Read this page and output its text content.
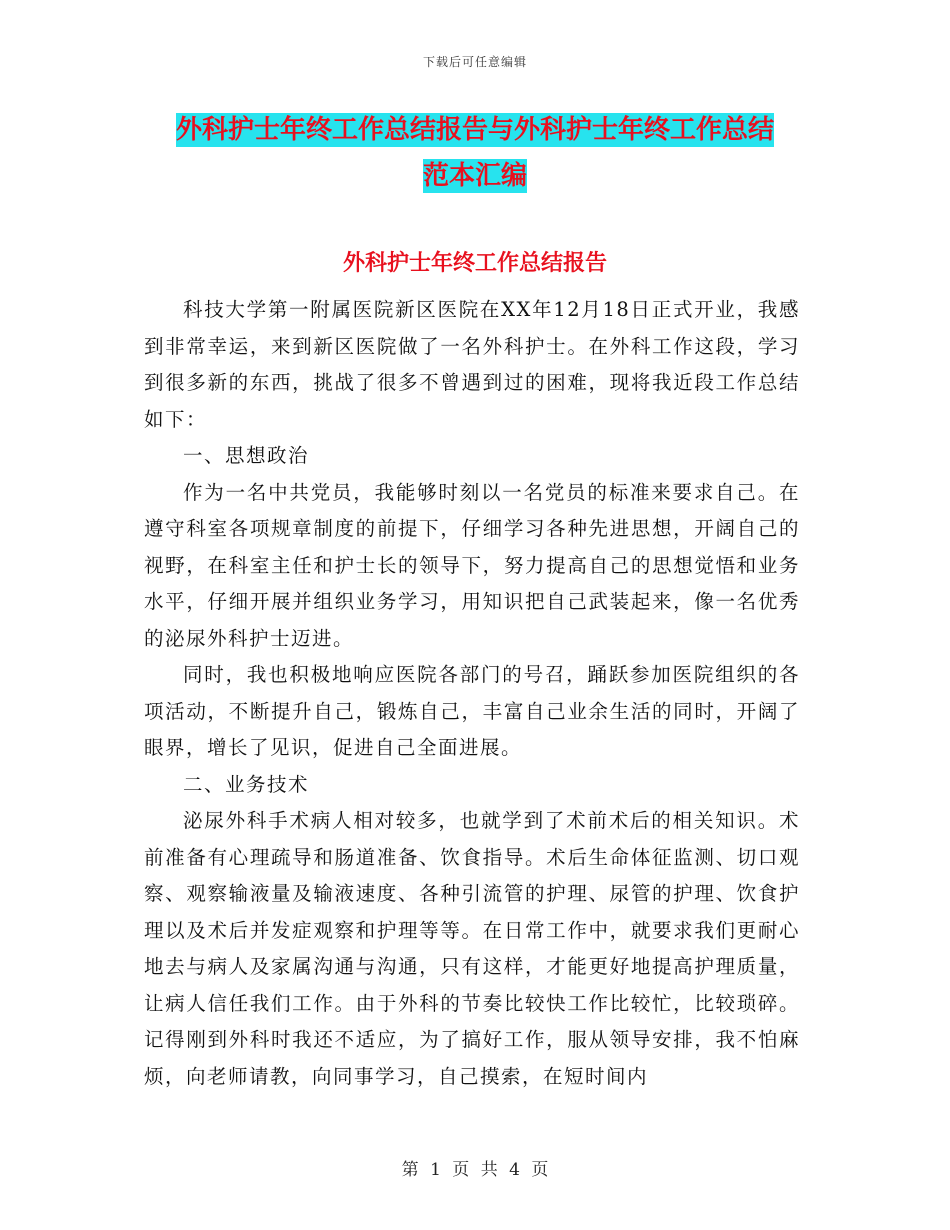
下载后可任意编辑
外科护士年终工作总结报告与外科护士年终工作总结
范本汇编
外科护士年终工作总结报告

科技大学第一附属医院新区医院在XX年12月18日正式开业，我感到非常幸运，来到新区医院做了一名外科护士。在外科工作这段，学习到很多新的东西，挑战了很多不曾遇到过的困难，现将我近段工作总结如下：

一、思想政治

作为一名中共党员，我能够时刻以一名党员的标准来要求自己。在遵守科室各项规章制度的前提下，仔细学习各种先进思想，开阔自己的视野，在科室主任和护士长的领导下，努力提高自己的思想觉悟和业务水平，仔细开展并组织业务学习，用知识把自己武装起来，像一名优秀的泌尿外科护士迈进。

同时，我也积极地响应医院各部门的号召，踊跃参加医院组织的各项活动，不断提升自己，锻炼自己，丰富自己业余生活的同时，开阔了眼界，增长了见识，促进自己全面进展。

二、业务技术

泌尿外科手术病人相对较多，也就学到了术前术后的相关知识。术前准备有心理疏导和肠道准备、饮食指导。术后生命体征监测、切口观察、观察输液量及输液速度、各种引流管的护理、尿管的护理、饮食护理以及术后并发症观察和护理等等。在日常工作中，就要求我们更耐心地去与病人及家属沟通与沟通，只有这样，才能更好地提高护理质量，让病人信任我们工作。由于外科的节奏比较快工作比较忙，比较琐碎。记得刚到外科时我还不适应，为了搞好工作，服从领导安排，我不怕麻烦，向老师请教，向同事学习，自己摸索，在短时间内

第 1 页 共 4 页
